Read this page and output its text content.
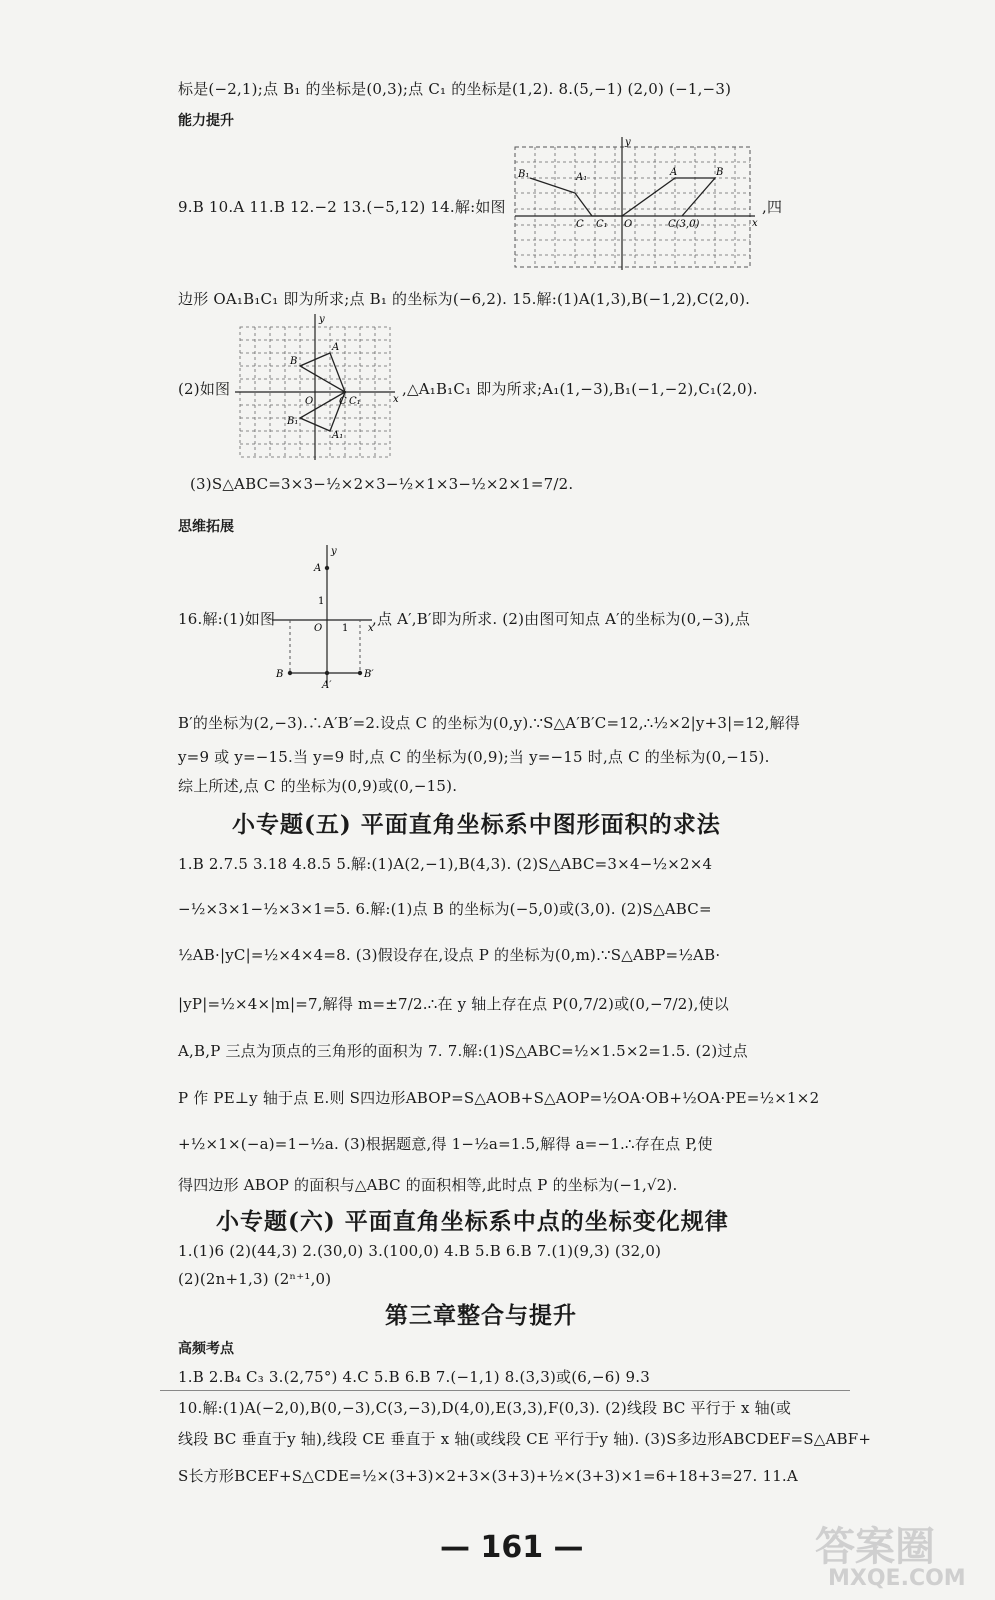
标是(−2,1);点 B₁ 的坐标是(0,3);点 C₁ 的坐标是(1,2). 8.(5,−1) (2,0) (−1,−3)
能力提升
9.B 10.A 11.B 12.−2 13.(−5,12) 14.解:如图
y
x
B₁	A₁	A	B
C₁
C	O	C(3,0)
,四
边形 OA₁B₁C₁ 即为所求;点 B₁ 的坐标为(−6,2). 15.解:(1)A(1,3),B(−1,2),C(2,0).
(2)如图
y
x
A
B
O	C C₁
B₁
A₁
,△A₁B₁C₁ 即为所求;A₁(1,−3),B₁(−1,−2),C₁(2,0).
(3)S△ABC=3×3−½×2×3−½×1×3−½×2×1=7/2.
思维拓展
16.解:(1)如图
y
x
A
1
O 1
B
A′
B′
,点 A′,B′即为所求. (2)由图可知点 A′的坐标为(0,−3),点
B′的坐标为(2,−3).∴A′B′=2.设点 C 的坐标为(0,y).∵S△A′B′C=12,∴½×2|y+3|=12,解得
y=9 或 y=−15.当 y=9 时,点 C 的坐标为(0,9);当 y=−15 时,点 C 的坐标为(0,−15).
综上所述,点 C 的坐标为(0,9)或(0,−15).
小专题(五) 平面直角坐标系中图形面积的求法
1.B 2.7.5 3.18 4.8.5 5.解:(1)A(2,−1),B(4,3). (2)S△ABC=3×4−½×2×4
−½×3×1−½×3×1=5. 6.解:(1)点 B 的坐标为(−5,0)或(3,0). (2)S△ABC=
½AB·|yC|=½×4×4=8. (3)假设存在,设点 P 的坐标为(0,m).∵S△ABP=½AB·
|yP|=½×4×|m|=7,解得 m=±7/2.∴在 y 轴上存在点 P(0,7/2)或(0,−7/2),使以
A,B,P 三点为顶点的三角形的面积为 7. 7.解:(1)S△ABC=½×1.5×2=1.5. (2)过点
P 作 PE⊥y 轴于点 E.则 S四边形ABOP=S△AOB+S△AOP=½OA·OB+½OA·PE=½×1×2
+½×1×(−a)=1−½a. (3)根据题意,得 1−½a=1.5,解得 a=−1.∴存在点 P,使
得四边形 ABOP 的面积与△ABC 的面积相等,此时点 P 的坐标为(−1,√2).
小专题(六) 平面直角坐标系中点的坐标变化规律
1.(1)6 (2)(44,3) 2.(30,0) 3.(100,0) 4.B 5.B 6.B 7.(1)(9,3) (32,0)
(2)(2n+1,3) (2ⁿ⁺¹,0)
第三章整合与提升
高频考点
1.B 2.B₄ C₃ 3.(2,75°) 4.C 5.B 6.B 7.(−1,1) 8.(3,3)或(6,−6) 9.3
10.解:(1)A(−2,0),B(0,−3),C(3,−3),D(4,0),E(3,3),F(0,3). (2)线段 BC 平行于 x 轴(或
线段 BC 垂直于y 轴),线段 CE 垂直于 x 轴(或线段 CE 平行于y 轴). (3)S多边形ABCDEF=S△ABF+
S长方形BCEF+S△CDE=½×(3+3)×2+3×(3+3)+½×(3+3)×1=6+18+3=27. 11.A
— 161 —	答案圈
MXQE.COM
